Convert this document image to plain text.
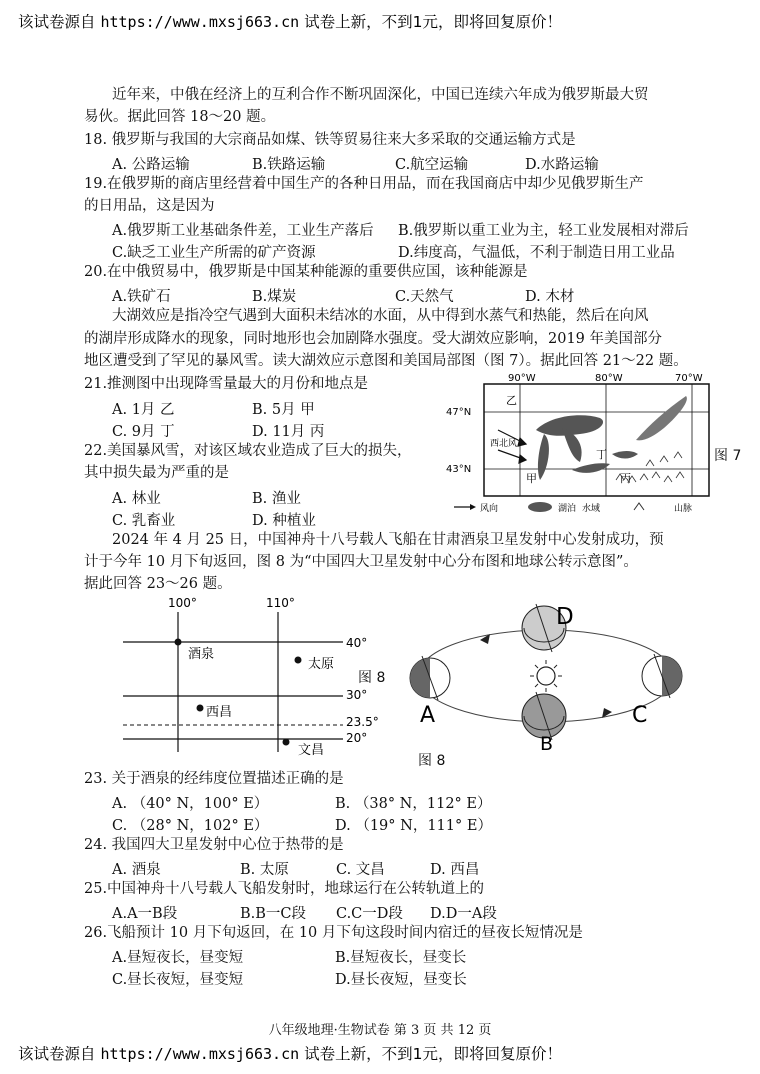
该试卷源自 https://www.mxsj663.cn 试卷上新，不到1元，即将回复原价！
近年来，中俄在经济上的互利合作不断巩固深化，中国已连续六年成为俄罗斯最大贸
易伙。据此回答 18～20 题。
18. 俄罗斯与我国的大宗商品如煤、铁等贸易往来大多采取的交通运输方式是
A. 公路运输	B.铁路运输	C.航空运输	D.水路运输
19.在俄罗斯的商店里经营着中国生产的各种日用品，而在我国商店中却少见俄罗斯生产
的日用品，这是因为
A.俄罗斯工业基础条件差，工业生产落后 B.俄罗斯以重工业为主，轻工业发展相对滞后
C.缺乏工业生产所需的矿产资源	D.纬度高，气温低，不利于制造日用工业品
20.在中俄贸易中，俄罗斯是中国某种能源的重要供应国，该种能源是
A.铁矿石	B.煤炭	C.天然气	D. 木材
大湖效应是指冷空气遇到大面积未结冰的水面，从中得到水蒸气和热能，然后在向风
的湖岸形成降水的现象，同时地形也会加剧降水强度。受大湖效应影响，2019 年美国部分
地区遭受到了罕见的暴风雪。读大湖效应示意图和美国局部图（图 7）。据此回答 21～22 题。
21.推测图中出现降雪量最大的月份和地点是
A. 1月 乙	B. 5月 甲
C. 9月 丁	D. 11月 丙
22.美国暴风雪，对该区域农业造成了巨大的损失，
其中损失最为严重的是
A. 林业	B. 渔业
C. 乳畜业	D. 种植业
90°W	80°W	70°W
47°N
43°N
西北风
乙
甲	丙
丁
风向	湖泊 水域	山脉
图 7
2024 年 4 月 25 日，中国神舟十八号载人飞船在甘肃酒泉卫星发射中心发射成功，预
计于今年 10 月下旬返回，图 8 为“中国四大卫星发射中心分布图和地球公转示意图”。
据此回答 23～26 题。
100°	110°
40°
30°
23.5°
20°
酒泉
太原
西昌
文昌
图 8
A
B
C
D
图 8
23. 关于酒泉的经纬度位置描述正确的是
A. （40° N，100° E）	B. （38° N，112° E）
C. （28° N，102° E）	D. （19° N，111° E）
24. 我国四大卫星发射中心位于热带的是
A. 酒泉	B. 太原	C. 文昌	D. 西昌
25.中国神舟十八号载人飞船发射时，地球运行在公转轨道上的
A.A一B段	B.B一C段 C.C一D段 D.D一A段
26.飞船预计 10 月下旬返回，在 10 月下旬这段时间内宿迁的昼夜长短情况是
A.昼短夜长，昼变短	B.昼短夜长，昼变长
C.昼长夜短，昼变短	D.昼长夜短，昼变长
八年级地理·生物试卷 第 3 页 共 12 页
该试卷源自 https://www.mxsj663.cn 试卷上新，不到1元，即将回复原价！
